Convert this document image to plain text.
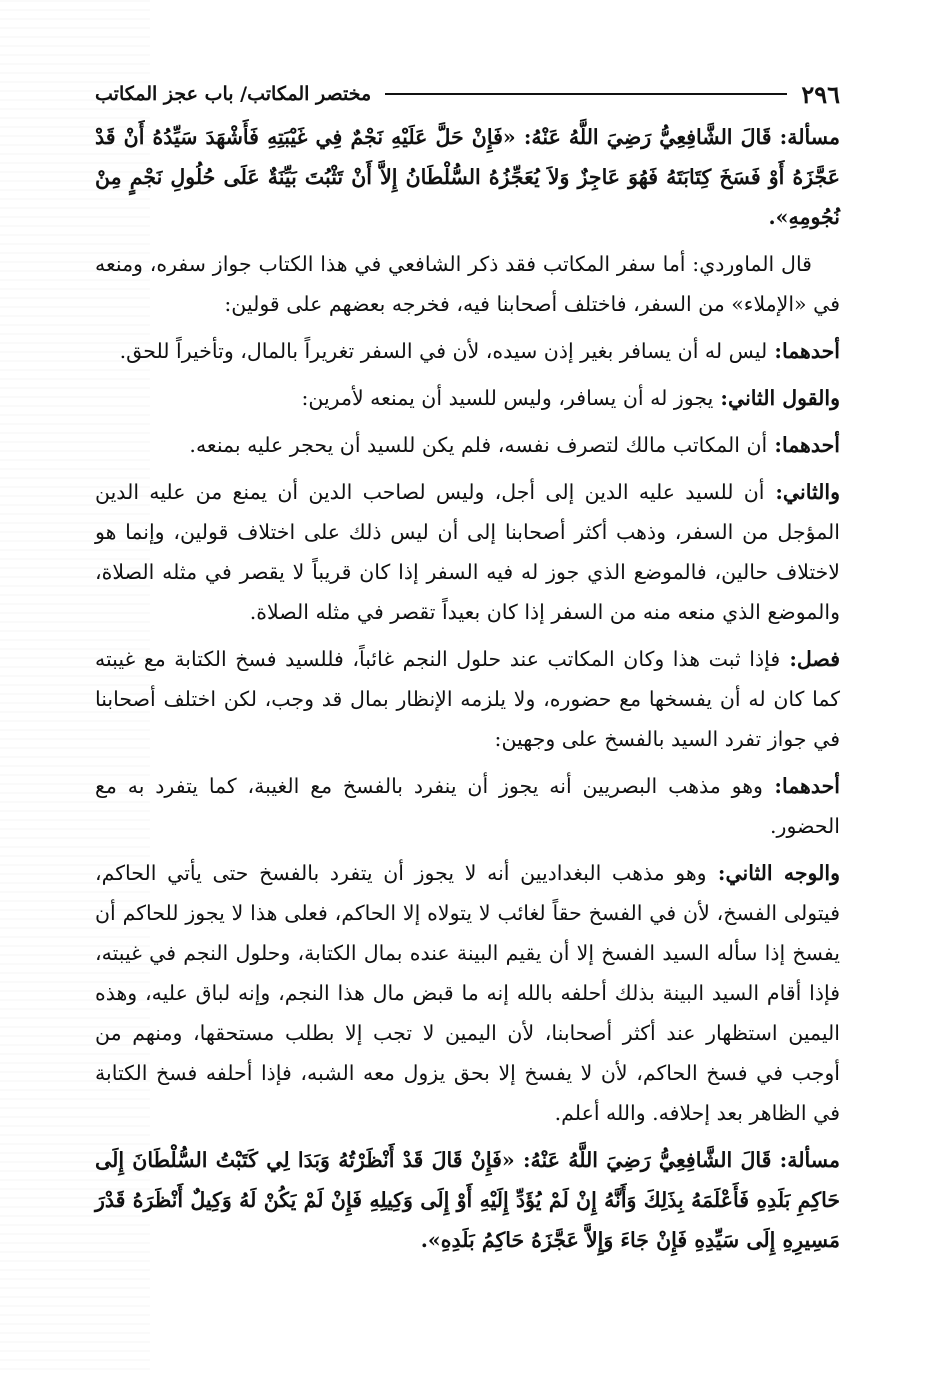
٢٩٦
مختصر المكاتب/ باب عجز المكاتب

مسألة: قَالَ الشَّافِعِيُّ رَضِيَ اللَّهُ عَنْهُ: «فَإِنْ حَلَّ عَلَيْهِ نَجْمٌ فِي غَيْبَتِهِ فَأَشْهَدَ سَيِّدُهُ أَنْ قَدْ عَجَّزَهُ أَوْ فَسَخَ كِتَابَتَهُ فَهُوَ عَاجِزٌ وَلاَ يُعَجِّزُهُ السُّلْطَانُ إِلاَّ أَنْ تَثْبُتَ بَيِّنَةٌ عَلَى حُلُولِ نَجْمٍ مِنْ نُجُومِهِ».

قال الماوردي: أما سفر المكاتب فقد ذكر الشافعي في هذا الكتاب جواز سفره، ومنعه في «الإملاء» من السفر، فاختلف أصحابنا فيه، فخرجه بعضهم على قولين:

أحدهما: ليس له أن يسافر بغير إذن سيده، لأن في السفر تغريراً بالمال، وتأخيراً للحق.

والقول الثاني: يجوز له أن يسافر، وليس للسيد أن يمنعه لأمرين:

أحدهما: أن المكاتب مالك لتصرف نفسه، فلم يكن للسيد أن يحجر عليه بمنعه.

والثاني: أن للسيد عليه الدين إلى أجل، وليس لصاحب الدين أن يمنع من عليه الدين المؤجل من السفر، وذهب أكثر أصحابنا إلى أن ليس ذلك على اختلاف قولين، وإنما هو لاختلاف حالين، فالموضع الذي جوز له فيه السفر إذا كان قريباً لا يقصر في مثله الصلاة، والموضع الذي منعه منه من السفر إذا كان بعيداً تقصر في مثله الصلاة.

فصل: فإذا ثبت هذا وكان المكاتب عند حلول النجم غائباً، فللسيد فسخ الكتابة مع غيبته كما كان له أن يفسخها مع حضوره، ولا يلزمه الإنظار بمال قد وجب، لكن اختلف أصحابنا في جواز تفرد السيد بالفسخ على وجهين:

أحدهما: وهو مذهب البصريين أنه يجوز أن ينفرد بالفسخ مع الغيبة، كما يتفرد به مع الحضور.

والوجه الثاني: وهو مذهب البغداديين أنه لا يجوز أن يتفرد بالفسخ حتى يأتي الحاكم، فيتولى الفسخ، لأن في الفسخ حقاً لغائب لا يتولاه إلا الحاكم، فعلى هذا لا يجوز للحاكم أن يفسخ إذا سأله السيد الفسخ إلا أن يقيم البينة عنده بمال الكتابة، وحلول النجم في غيبته، فإذا أقام السيد البينة بذلك أحلفه بالله إنه ما قبض مال هذا النجم، وإنه لباق عليه، وهذه اليمين استظهار عند أكثر أصحابنا، لأن اليمين لا تجب إلا بطلب مستحقها، ومنهم من أوجب في فسخ الحاكم، لأن لا يفسخ إلا بحق يزول معه الشبه، فإذا أحلفه فسخ الكتابة في الظاهر بعد إحلافه. والله أعلم.

مسألة: قَالَ الشَّافِعِيُّ رَضِيَ اللَّهُ عَنْهُ: «فَإِنْ قَالَ قَدْ أَنْظَرْتُهُ وَبَدَا لِي كَتَبْتُ السُّلْطَانَ إِلَى حَاكِمِ بَلَدِهِ فَأَعْلَمَهُ بِذَلِكَ وَأَنَّهُ إِنْ لَمْ يُؤَدِّ إِلَيْهِ أَوْ إِلَى وَكِيلِهِ فَإِنْ لَمْ يَكُنْ لَهُ وَكِيلٌ أَنْظَرَهُ قَدْرَ مَسِيرِهِ إِلَى سَيِّدِهِ فَإِنْ جَاءَ وَإِلاَّ عَجَّزَهُ حَاكِمُ بَلَدِهِ».
